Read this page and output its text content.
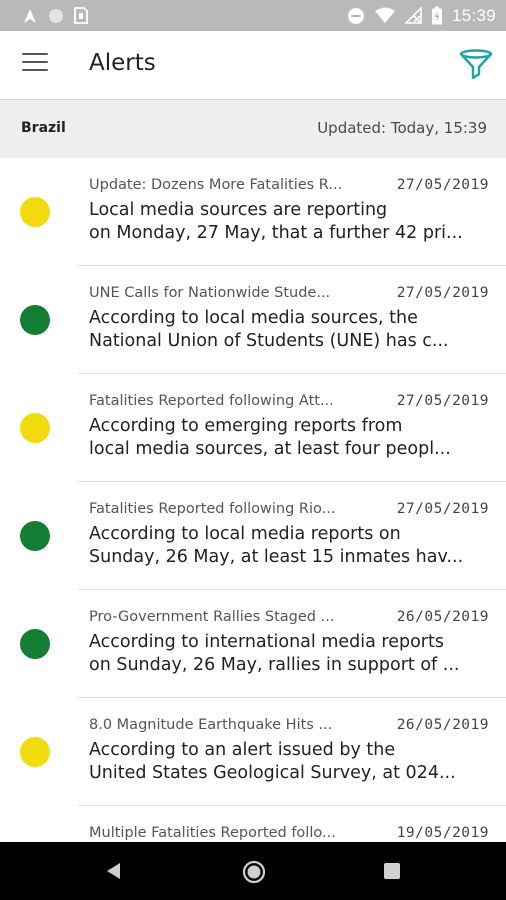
15:39
Alerts
Brazil	Updated: Today, 15:39
Update: Dozens More Fatalities R...	27/05/2019
Local media sources are reporting
on Monday, 27 May, that a further 42 pri...
UNE Calls for Nationwide Stude...	27/05/2019
According to local media sources, the
National Union of Students (UNE) has c...
Fatalities Reported following Att...	27/05/2019
According to emerging reports from
local media sources, at least four peopl...
Fatalities Reported following Rio...	27/05/2019
According to local media reports on
Sunday, 26 May, at least 15 inmates hav...
Pro-Government Rallies Staged ...	26/05/2019
According to international media reports
on Sunday, 26 May, rallies in support of ...
8.0 Magnitude Earthquake Hits ...	26/05/2019
According to an alert issued by the
United States Geological Survey, at 024...
Multiple Fatalities Reported follo...	19/05/2019
